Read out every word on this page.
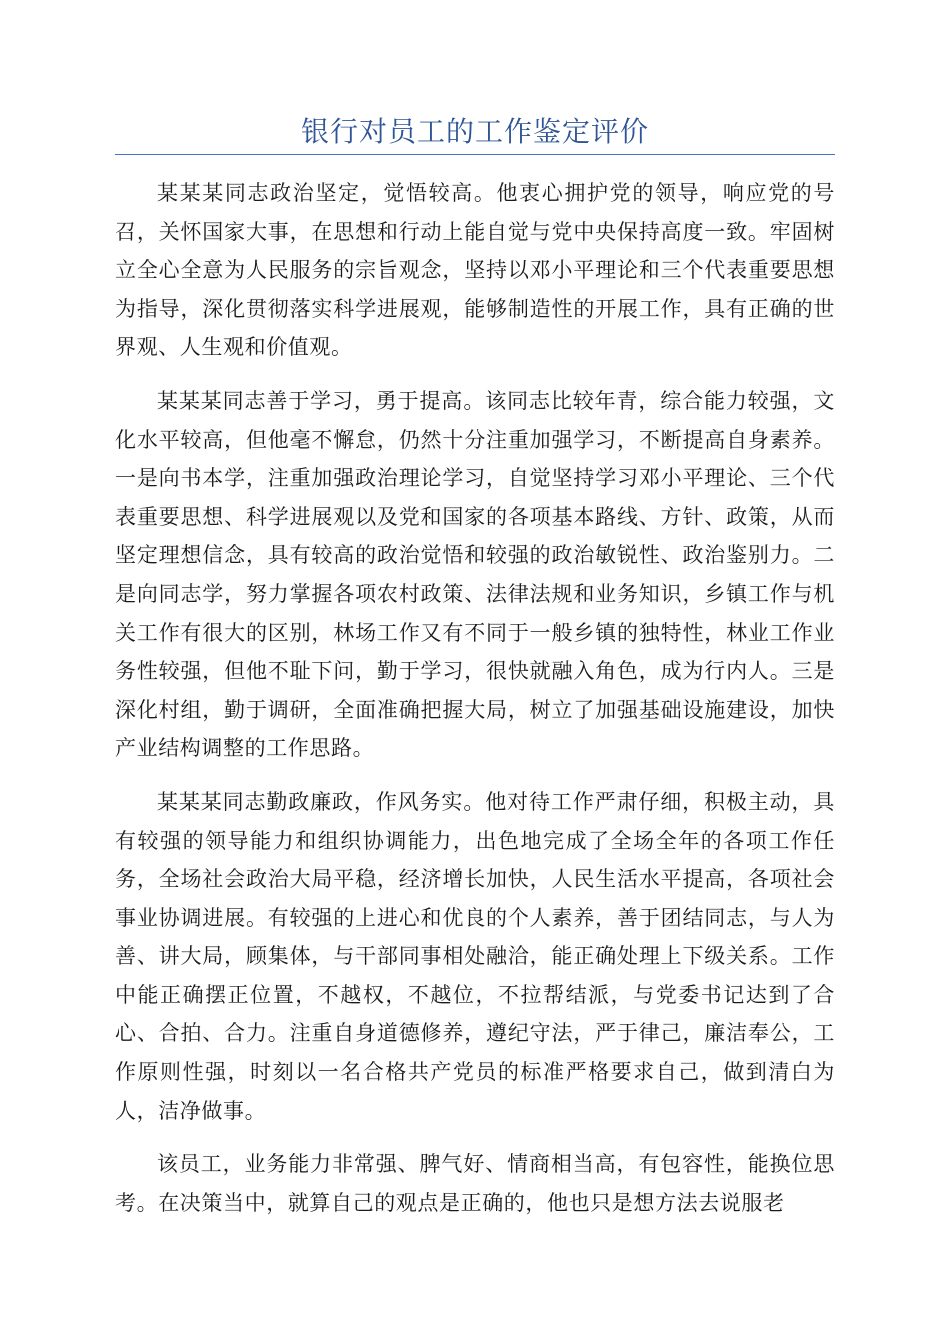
银行对员工的工作鉴定评价

某某某同志政治坚定，觉悟较高。他衷心拥护党的领导，响应党的号召，关怀国家大事，在思想和行动上能自觉与党中央保持高度一致。牢固树立全心全意为人民服务的宗旨观念，坚持以邓小平理论和三个代表重要思想为指导，深化贯彻落实科学进展观，能够制造性的开展工作，具有正确的世界观、人生观和价值观。

某某某同志善于学习，勇于提高。该同志比较年青，综合能力较强，文化水平较高，但他毫不懈怠，仍然十分注重加强学习，不断提高自身素养。一是向书本学，注重加强政治理论学习，自觉坚持学习邓小平理论、三个代表重要思想、科学进展观以及党和国家的各项基本路线、方针、政策，从而坚定理想信念，具有较高的政治觉悟和较强的政治敏锐性、政治鉴别力。二是向同志学，努力掌握各项农村政策、法律法规和业务知识，乡镇工作与机关工作有很大的区别，林场工作又有不同于一般乡镇的独特性，林业工作业务性较强，但他不耻下问，勤于学习，很快就融入角色，成为行内人。三是深化村组，勤于调研，全面准确把握大局，树立了加强基础设施建设，加快产业结构调整的工作思路。

某某某同志勤政廉政，作风务实。他对待工作严肃仔细，积极主动，具有较强的领导能力和组织协调能力，出色地完成了全场全年的各项工作任务，全场社会政治大局平稳，经济增长加快，人民生活水平提高，各项社会事业协调进展。有较强的上进心和优良的个人素养，善于团结同志，与人为善、讲大局，顾集体，与干部同事相处融洽，能正确处理上下级关系。工作中能正确摆正位置，不越权，不越位，不拉帮结派，与党委书记达到了合心、合拍、合力。注重自身道德修养，遵纪守法，严于律己，廉洁奉公，工作原则性强，时刻以一名合格共产党员的标准严格要求自己，做到清白为人，洁净做事。

该员工，业务能力非常强、脾气好、情商相当高，有包容性，能换位思考。在决策当中，就算自己的观点是正确的，他也只是想方法去说服老
